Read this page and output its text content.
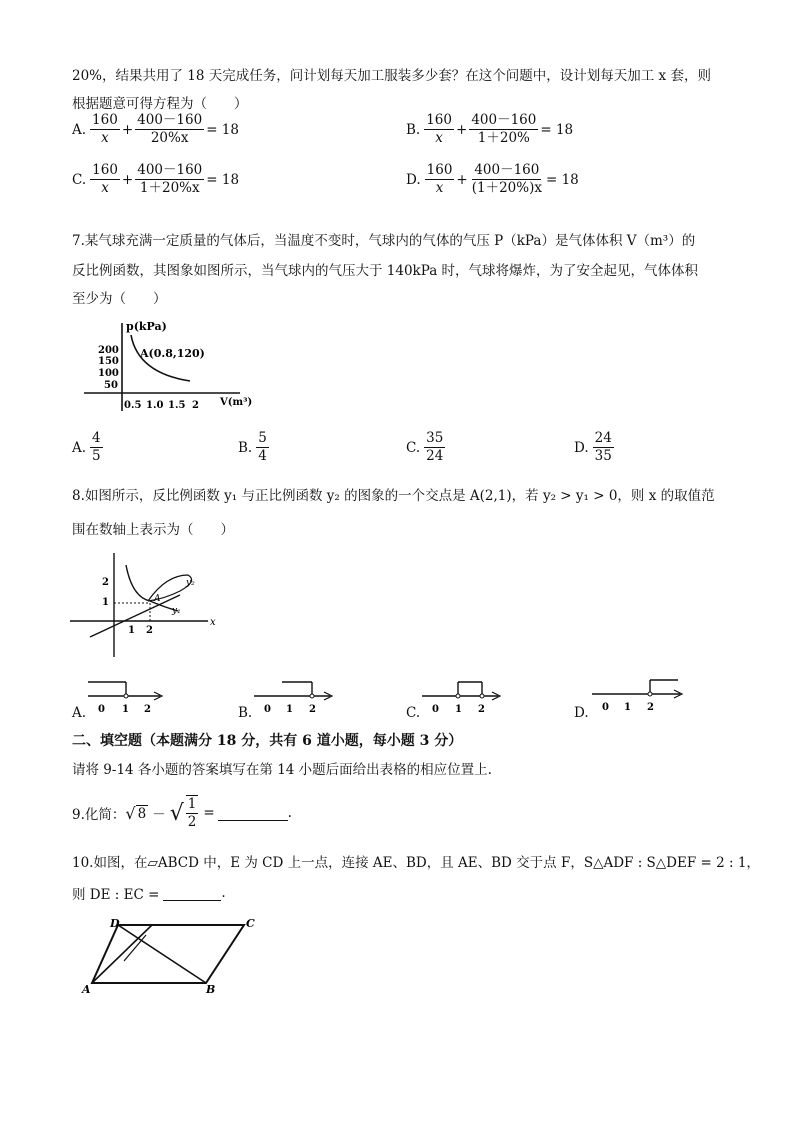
20%，结果共用了 18 天完成任务，问计划每天加工服装多少套？在这个问题中，设计划每天加工 x 套，则
根据题意可得方程为（　　）
A. $\frac{160}{x} + \frac{400-160}{20\%x} = 18$	B. $\frac{160}{x} + \frac{400-160}{1+20\%} = 18$
C. $\frac{160}{x} + \frac{400-160}{1+20\%x} = 18$	D. $\frac{160}{x} + \frac{400-160}{(1+20\%)x} = 18$
7.某气球充满一定质量的气体后，当温度不变时，气球内的气体的气压 P（kPa）是气体体积 V（m³）的
反比例函数，其图象如图所示，当气球内的气压大于 140kPa 时，气球将爆炸，为了安全起见，气体体积
至少为（　　）
p(kPa)
V(m³)
200
150
100
50
0.5 1.0 1.5 2
A(0.8,120)
A. $\frac{4}{5}$	B. $\frac{5}{4}$	C. $\frac{35}{24}$	D. $\frac{24}{35}$
8.如图所示，反比例函数 y₁ 与正比例函数 y₂ 的图象的一个交点是 A(2,1)，若 y₂ > y₁ > 0，则 x 的取值范
围在数轴上表示为（　　）
2
1
1 2
x
y₂
y₁
A
A. 0 1 2	B. 0 1 2	C. 0 1 2	D. 0 1 2
二、填空题（本题满分 18 分，共有 6 道小题，每小题 3 分）
请将 9-14 各小题的答案填写在第 14 小题后面给出表格的相应位置上.
9.化简： √ 8 － √ $\frac{1}{2}$ =	.
10.如图，在▱ABCD 中，E 为 CD 上一点，连接 AE、BD，且 AE、BD 交于点 F，S△ADF : S△DEF = 2 : 1，
则 DE : EC =	.
D	C
A	B
